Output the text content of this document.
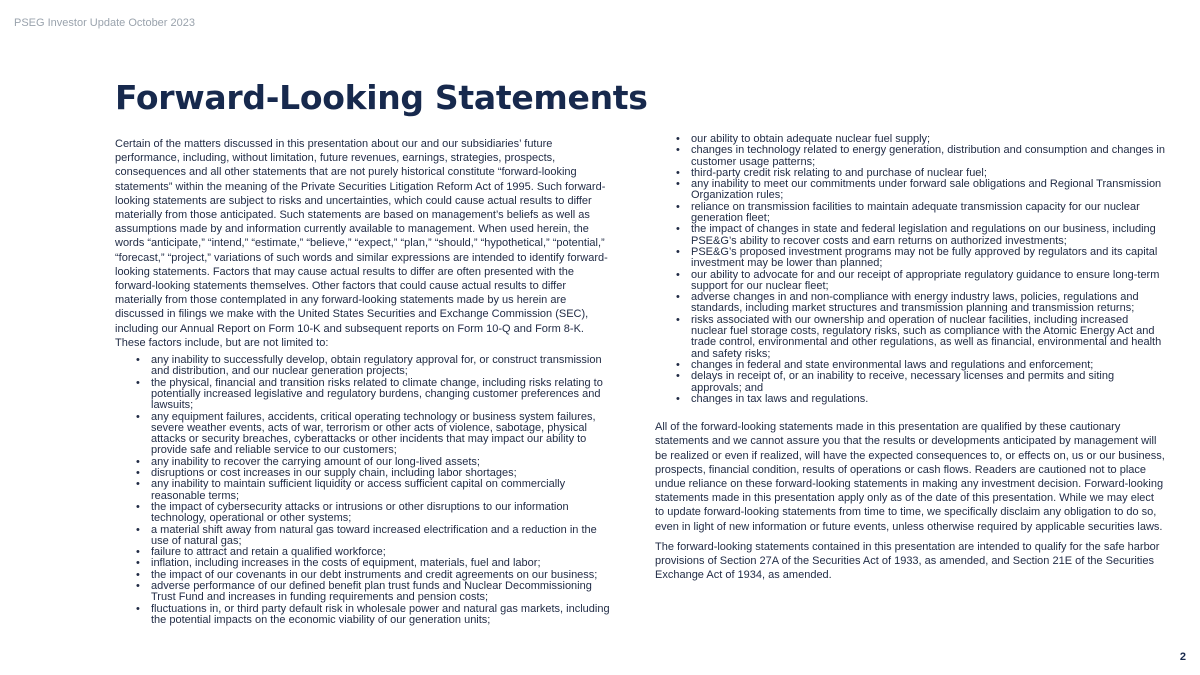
PSEG Investor Update October 2023
Forward-Looking Statements

Certain of the matters discussed in this presentation about our and our subsidiaries’ future performance, including, without limitation, future revenues, earnings, strategies, prospects, consequences and all other statements that are not purely historical constitute “forward-looking statements” within the meaning of the Private Securities Litigation Reform Act of 1995. Such forward-looking statements are subject to risks and uncertainties, which could cause actual results to differ materially from those anticipated. Such statements are based on management’s beliefs as well as assumptions made by and information currently available to management. When used herein, the words “anticipate,” “intend,” “estimate,” “believe,” “expect,” “plan,” “should,” “hypothetical,” “potential,” “forecast,” “project,” variations of such words and similar expressions are intended to identify forward-looking statements. Factors that may cause actual results to differ are often presented with the forward-looking statements themselves. Other factors that could cause actual results to differ materially from those contemplated in any forward-looking statements made by us herein are discussed in filings we make with the United States Securities and Exchange Commission (SEC), including our Annual Report on Form 10-K and subsequent reports on Form 10-Q and Form 8-K. These factors include, but are not limited to:

• any inability to successfully develop, obtain regulatory approval for, or construct transmission and distribution, and our nuclear generation projects;
• the physical, financial and transition risks related to climate change, including risks relating to potentially increased legislative and regulatory burdens, changing customer preferences and lawsuits;
• any equipment failures, accidents, critical operating technology or business system failures, severe weather events, acts of war, terrorism or other acts of violence, sabotage, physical attacks or security breaches, cyberattacks or other incidents that may impact our ability to provide safe and reliable service to our customers;
• any inability to recover the carrying amount of our long-lived assets;
• disruptions or cost increases in our supply chain, including labor shortages;
• any inability to maintain sufficient liquidity or access sufficient capital on commercially reasonable terms;
• the impact of cybersecurity attacks or intrusions or other disruptions to our information technology, operational or other systems;
• a material shift away from natural gas toward increased electrification and a reduction in the use of natural gas;
• failure to attract and retain a qualified workforce;
• inflation, including increases in the costs of equipment, materials, fuel and labor;
• the impact of our covenants in our debt instruments and credit agreements on our business;
• adverse performance of our defined benefit plan trust funds and Nuclear Decommissioning Trust Fund and increases in funding requirements and pension costs;
• fluctuations in, or third party default risk in wholesale power and natural gas markets, including the potential impacts on the economic viability of our generation units;
• our ability to obtain adequate nuclear fuel supply;
• changes in technology related to energy generation, distribution and consumption and changes in customer usage patterns;
• third-party credit risk relating to and purchase of nuclear fuel;
• any inability to meet our commitments under forward sale obligations and Regional Transmission Organization rules;
• reliance on transmission facilities to maintain adequate transmission capacity for our nuclear generation fleet;
• the impact of changes in state and federal legislation and regulations on our business, including PSE&G’s ability to recover costs and earn returns on authorized investments;
• PSE&G’s proposed investment programs may not be fully approved by regulators and its capital investment may be lower than planned;
• our ability to advocate for and our receipt of appropriate regulatory guidance to ensure long-term support for our nuclear fleet;
• adverse changes in and non-compliance with energy industry laws, policies, regulations and standards, including market structures and transmission planning and transmission returns;
• risks associated with our ownership and operation of nuclear facilities, including increased nuclear fuel storage costs, regulatory risks, such as compliance with the Atomic Energy Act and trade control, environmental and other regulations, as well as financial, environmental and health and safety risks;
• changes in federal and state environmental laws and regulations and enforcement;
• delays in receipt of, or an inability to receive, necessary licenses and permits and siting approvals; and
• changes in tax laws and regulations.

All of the forward-looking statements made in this presentation are qualified by these cautionary statements and we cannot assure you that the results or developments anticipated by management will be realized or even if realized, will have the expected consequences to, or effects on, us or our business, prospects, financial condition, results of operations or cash flows. Readers are cautioned not to place undue reliance on these forward-looking statements in making any investment decision. Forward-looking statements made in this presentation apply only as of the date of this presentation. While we may elect to update forward-looking statements from time to time, we specifically disclaim any obligation to do so, even in light of new information or future events, unless otherwise required by applicable securities laws.

The forward-looking statements contained in this presentation are intended to qualify for the safe harbor provisions of Section 27A of the Securities Act of 1933, as amended, and Section 21E of the Securities Exchange Act of 1934, as amended.

2
